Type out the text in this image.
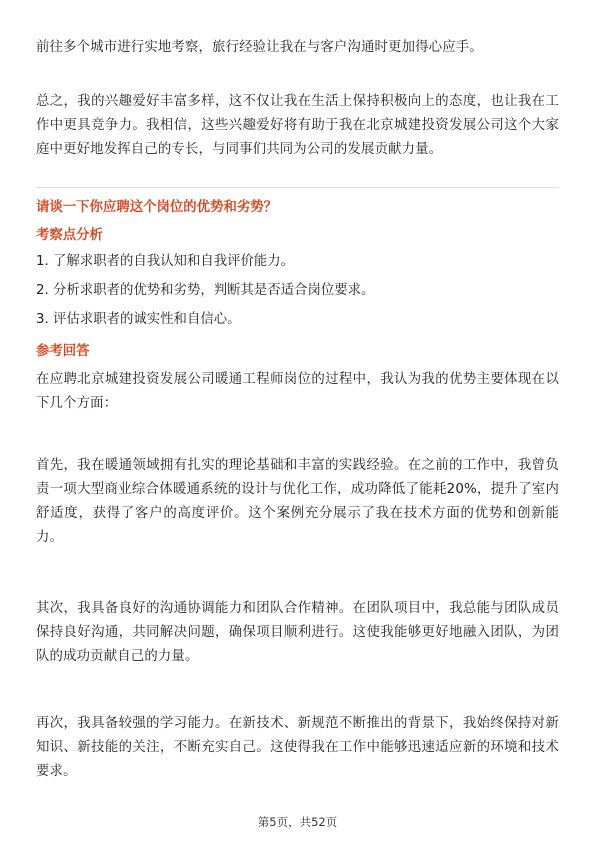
前往多个城市进行实地考察，旅行经验让我在与客户沟通时更加得心应手。

总之，我的兴趣爱好丰富多样，这不仅让我在生活上保持积极向上的态度，也让我在工作中更具竞争力。我相信，这些兴趣爱好将有助于我在北京城建投资发展公司这个大家庭中更好地发挥自己的专长，与同事们共同为公司的发展贡献力量。

请谈一下你应聘这个岗位的优势和劣势？

考察点分析

1. 了解求职者的自我认知和自我评价能力。

2. 分析求职者的优势和劣势，判断其是否适合岗位要求。

3. 评估求职者的诚实性和自信心。

参考回答

在应聘北京城建投资发展公司暖通工程师岗位的过程中，我认为我的优势主要体现在以下几个方面：

首先，我在暖通领域拥有扎实的理论基础和丰富的实践经验。在之前的工作中，我曾负责一项大型商业综合体暖通系统的设计与优化工作，成功降低了能耗20%，提升了室内舒适度，获得了客户的高度评价。这个案例充分展示了我在技术方面的优势和创新能力。

其次，我具备良好的沟通协调能力和团队合作精神。在团队项目中，我总能与团队成员保持良好沟通，共同解决问题，确保项目顺利进行。这使我能够更好地融入团队，为团队的成功贡献自己的力量。

再次，我具备较强的学习能力。在新技术、新规范不断推出的背景下，我始终保持对新知识、新技能的关注，不断充实自己。这使得我在工作中能够迅速适应新的环境和技术要求。

第5页，共52页
